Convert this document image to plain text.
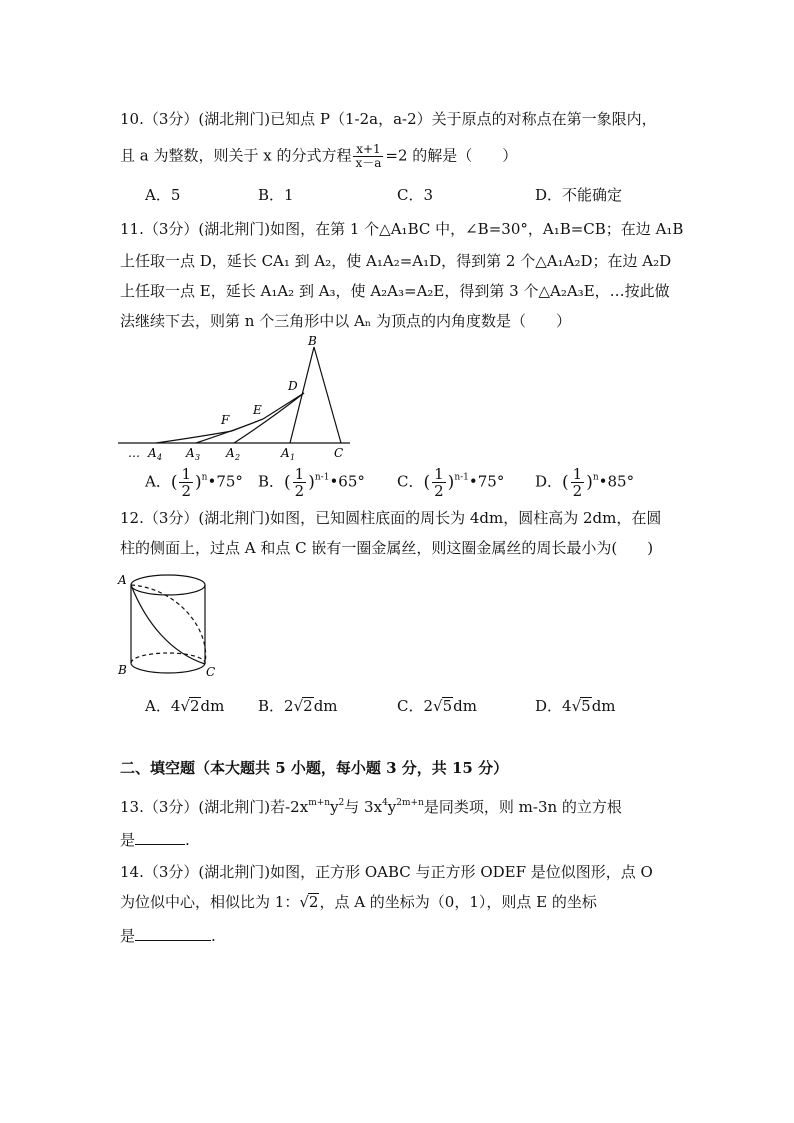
10.（3分）(湖北荆门)已知点 P（1-2a，a-2）关于原点的对称点在第一象限内，
且 a 为整数，则关于 x 的分式方程 $\frac{x+1}{x-a} =2$ 的解是（　　）
A．5	B．1	C．3	D．不能确定
11.（3分）(湖北荆门)如图，在第 1 个△A₁BC 中，∠B=30°，A₁B=CB；在边 A₁B
上任取一点 D，延长 CA₁ 到 A₂，使 A₁A₂=A₁D，得到第 2 个△A₁A₂D；在边 A₂D
上任取一点 E，延长 A₁A₂ 到 A₃，使 A₂A₃=A₂E，得到第 3 个△A₂A₃E，…按此做
法继续下去，则第 n 个三角形中以 Aₙ 为顶点的内角度数是（　　）
B
D
E
F
C
… A 4 A 3 A 2	A 1
A．( $\frac{1}{2}$ )$^n$•75° B．( $\frac{1}{2}$ )$^{n-1}$•65° C．( $\frac{1}{2}$ )$^{n-1}$•75° D．( $\frac{1}{2}$ )$^n$•85°
12.（3分）(湖北荆门)如图，已知圆柱底面的周长为 4dm，圆柱高为 2dm，在圆
柱的侧面上，过点 A 和点 C 嵌有一圈金属丝，则这圈金属丝的周长最小为(　　)
A
B	C
A．4√2dm B．2√2dm	C．2√5dm	D．4√5dm
二、填空题（本大题共 5 小题，每小题 3 分，共 15 分）
13.（3分）(湖北荆门)若$-2x^{m+n}y^2$与 $3x^4y^{2m+n}$是同类项，则 m-3n 的立方根
是	.
14.（3分）(湖北荆门)如图，正方形 OABC 与正方形 ODEF 是位似图形，点 O
为位似中心，相似比为 1：√2，点 A 的坐标为（0，1），则点 E 的坐标
是	.
